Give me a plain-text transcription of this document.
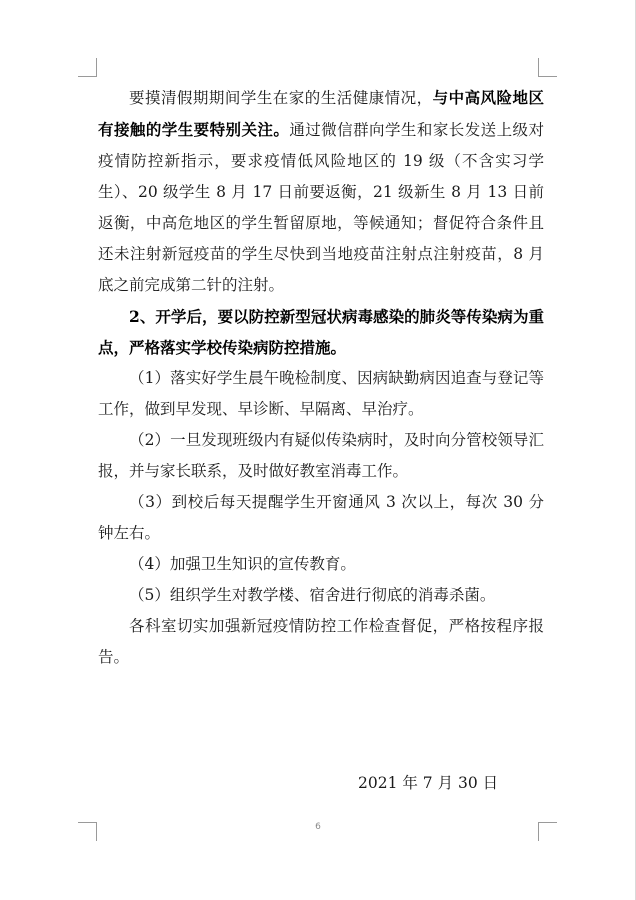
要摸清假期期间学生在家的生活健康情况，与中高风险地区有接触的学生要特别关注。通过微信群向学生和家长发送上级对疫情防控新指示，要求疫情低风险地区的 19 级（不含实习学生）、20 级学生 8 月 17 日前要返衡，21 级新生 8 月 13 日前返衡，中高危地区的学生暂留原地，等候通知；督促符合条件且还未注射新冠疫苗的学生尽快到当地疫苗注射点注射疫苗，8 月底之前完成第二针的注射。

2、开学后，要以防控新型冠状病毒感染的肺炎等传染病为重点，严格落实学校传染病防控措施。

（1）落实好学生晨午晚检制度、因病缺勤病因追查与登记等工作，做到早发现、早诊断、早隔离、早治疗。

（2）一旦发现班级内有疑似传染病时，及时向分管校领导汇报，并与家长联系，及时做好教室消毒工作。

（3）到校后每天提醒学生开窗通风 3 次以上，每次 30 分钟左右。

（4）加强卫生知识的宣传教育。

（5）组织学生对教学楼、宿舍进行彻底的消毒杀菌。

各科室切实加强新冠疫情防控工作检查督促，严格按程序报告。

2021 年 7 月 30 日
6
